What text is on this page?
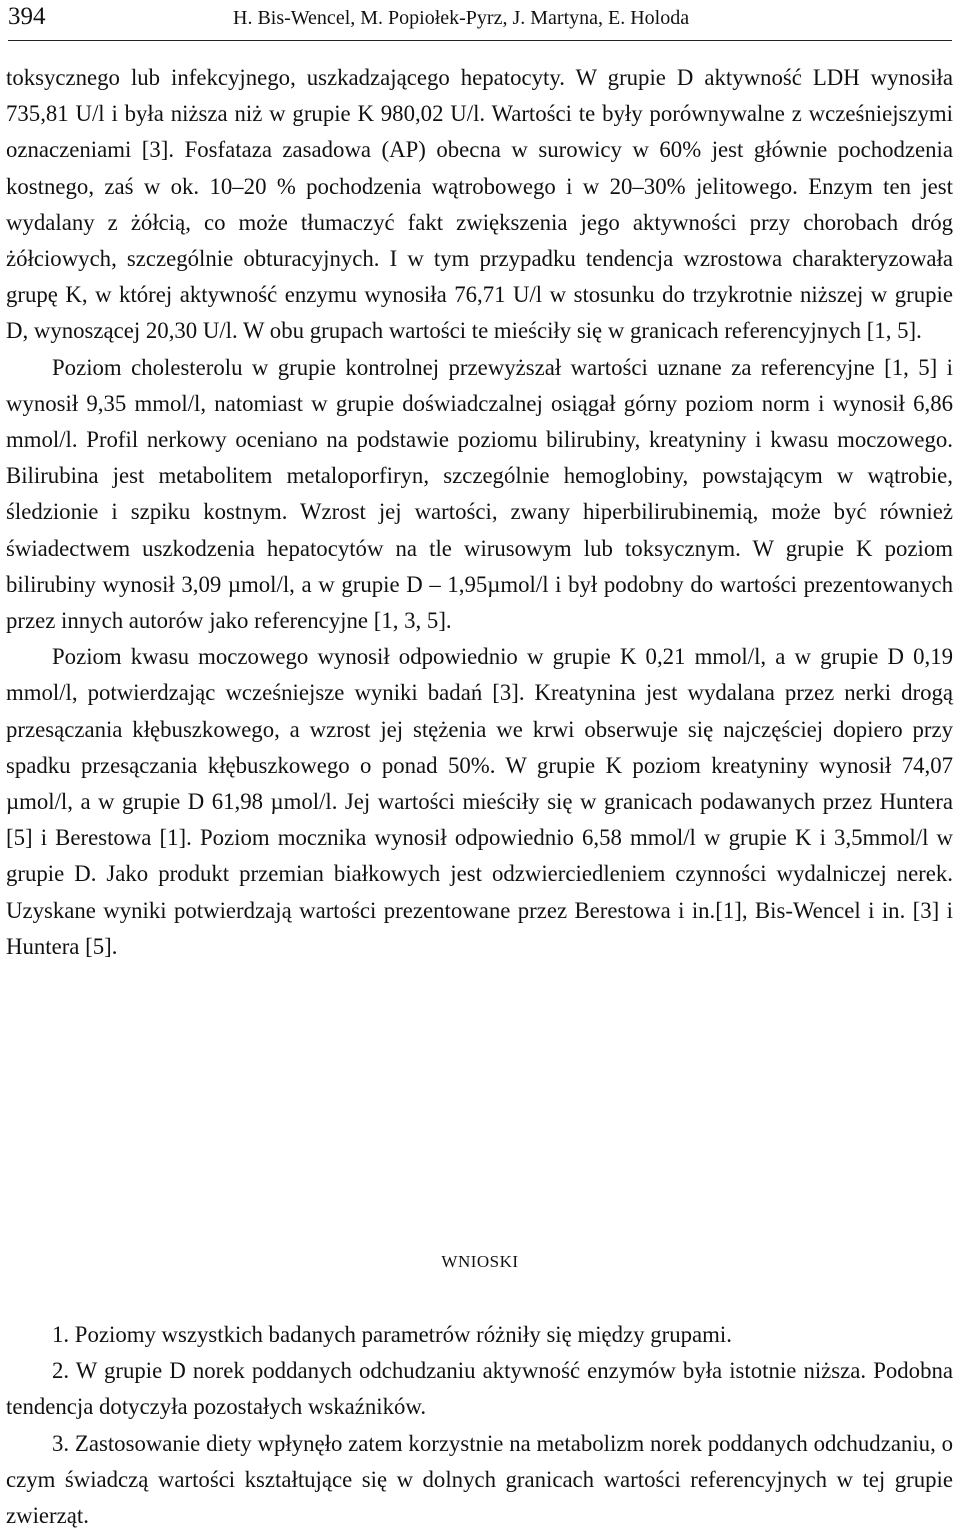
394	H. Bis-Wencel, M. Popiołek-Pyrz, J. Martyna, E. Holoda

toksycznego lub infekcyjnego, uszkadzającego hepatocyty. W grupie D aktywność LDH wynosiła 735,81 U/l i była niższa niż w grupie K 980,02 U/l. Wartości te były porównywalne z wcześniejszymi oznaczeniami [3]. Fosfataza zasadowa (AP) obecna w surowicy w 60% jest głównie pochodzenia kostnego, zaś w ok. 10–20 % pochodzenia wątrobowego i w 20–30% jelitowego. Enzym ten jest wydalany z żółcią, co może tłumaczyć fakt zwiększenia jego aktywności przy chorobach dróg żółciowych, szczególnie obturacyjnych. I w tym przypadku tendencja wzrostowa charakteryzowała grupę K, w której aktywność enzymu wynosiła 76,71 U/l w stosunku do trzykrotnie niższej w grupie D, wynoszącej 20,30 U/l. W obu grupach wartości te mieściły się w granicach referencyjnych [1, 5].

Poziom cholesterolu w grupie kontrolnej przewyższał wartości uznane za referencyjne [1, 5] i wynosił 9,35 mmol/l, natomiast w grupie doświadczalnej osiągał górny poziom norm i wynosił 6,86 mmol/l. Profil nerkowy oceniano na podstawie poziomu bilirubiny, kreatyniny i kwasu moczowego. Bilirubina jest metabolitem metaloporfiryn, szczególnie hemoglobiny, powstającym w wątrobie, śledzionie i szpiku kostnym. Wzrost jej wartości, zwany hiperbilirubinemią, może być również świadectwem uszkodzenia hepatocytów na tle wirusowym lub toksycznym. W grupie K poziom bilirubiny wynosił 3,09 µmol/l, a w grupie D – 1,95µmol/l i był podobny do wartości prezentowanych przez innych autorów jako referencyjne [1, 3, 5].

Poziom kwasu moczowego wynosił odpowiednio w grupie K 0,21 mmol/l, a w grupie D 0,19 mmol/l, potwierdzając wcześniejsze wyniki badań [3]. Kreatynina jest wydalana przez nerki drogą przesączania kłębuszkowego, a wzrost jej stężenia we krwi obserwuje się najczęściej dopiero przy spadku przesączania kłębuszkowego o ponad 50%. W grupie K poziom kreatyniny wynosił 74,07 µmol/l, a w grupie D 61,98 µmol/l. Jej wartości mieściły się w granicach podawanych przez Huntera [5] i Berestowa [1]. Poziom mocznika wynosił odpowiednio 6,58 mmol/l w grupie K i 3,5mmol/l w grupie D. Jako produkt przemian białkowych jest odzwierciedleniem czynności wydalniczej nerek. Uzyskane wyniki potwierdzają wartości prezentowane przez Berestowa i in.[1], Bis-Wencel i in. [3] i Huntera [5].

WNIOSKI

1. Poziomy wszystkich badanych parametrów różniły się między grupami.

2. W grupie D norek poddanych odchudzaniu aktywność enzymów była istotnie niższa. Podobna tendencja dotyczyła pozostałych wskaźników.

3. Zastosowanie diety wpłynęło zatem korzystnie na metabolizm norek poddanych odchudzaniu, o czym świadczą wartości kształtujące się w dolnych granicach wartości referencyjnych w tej grupie zwierząt.
